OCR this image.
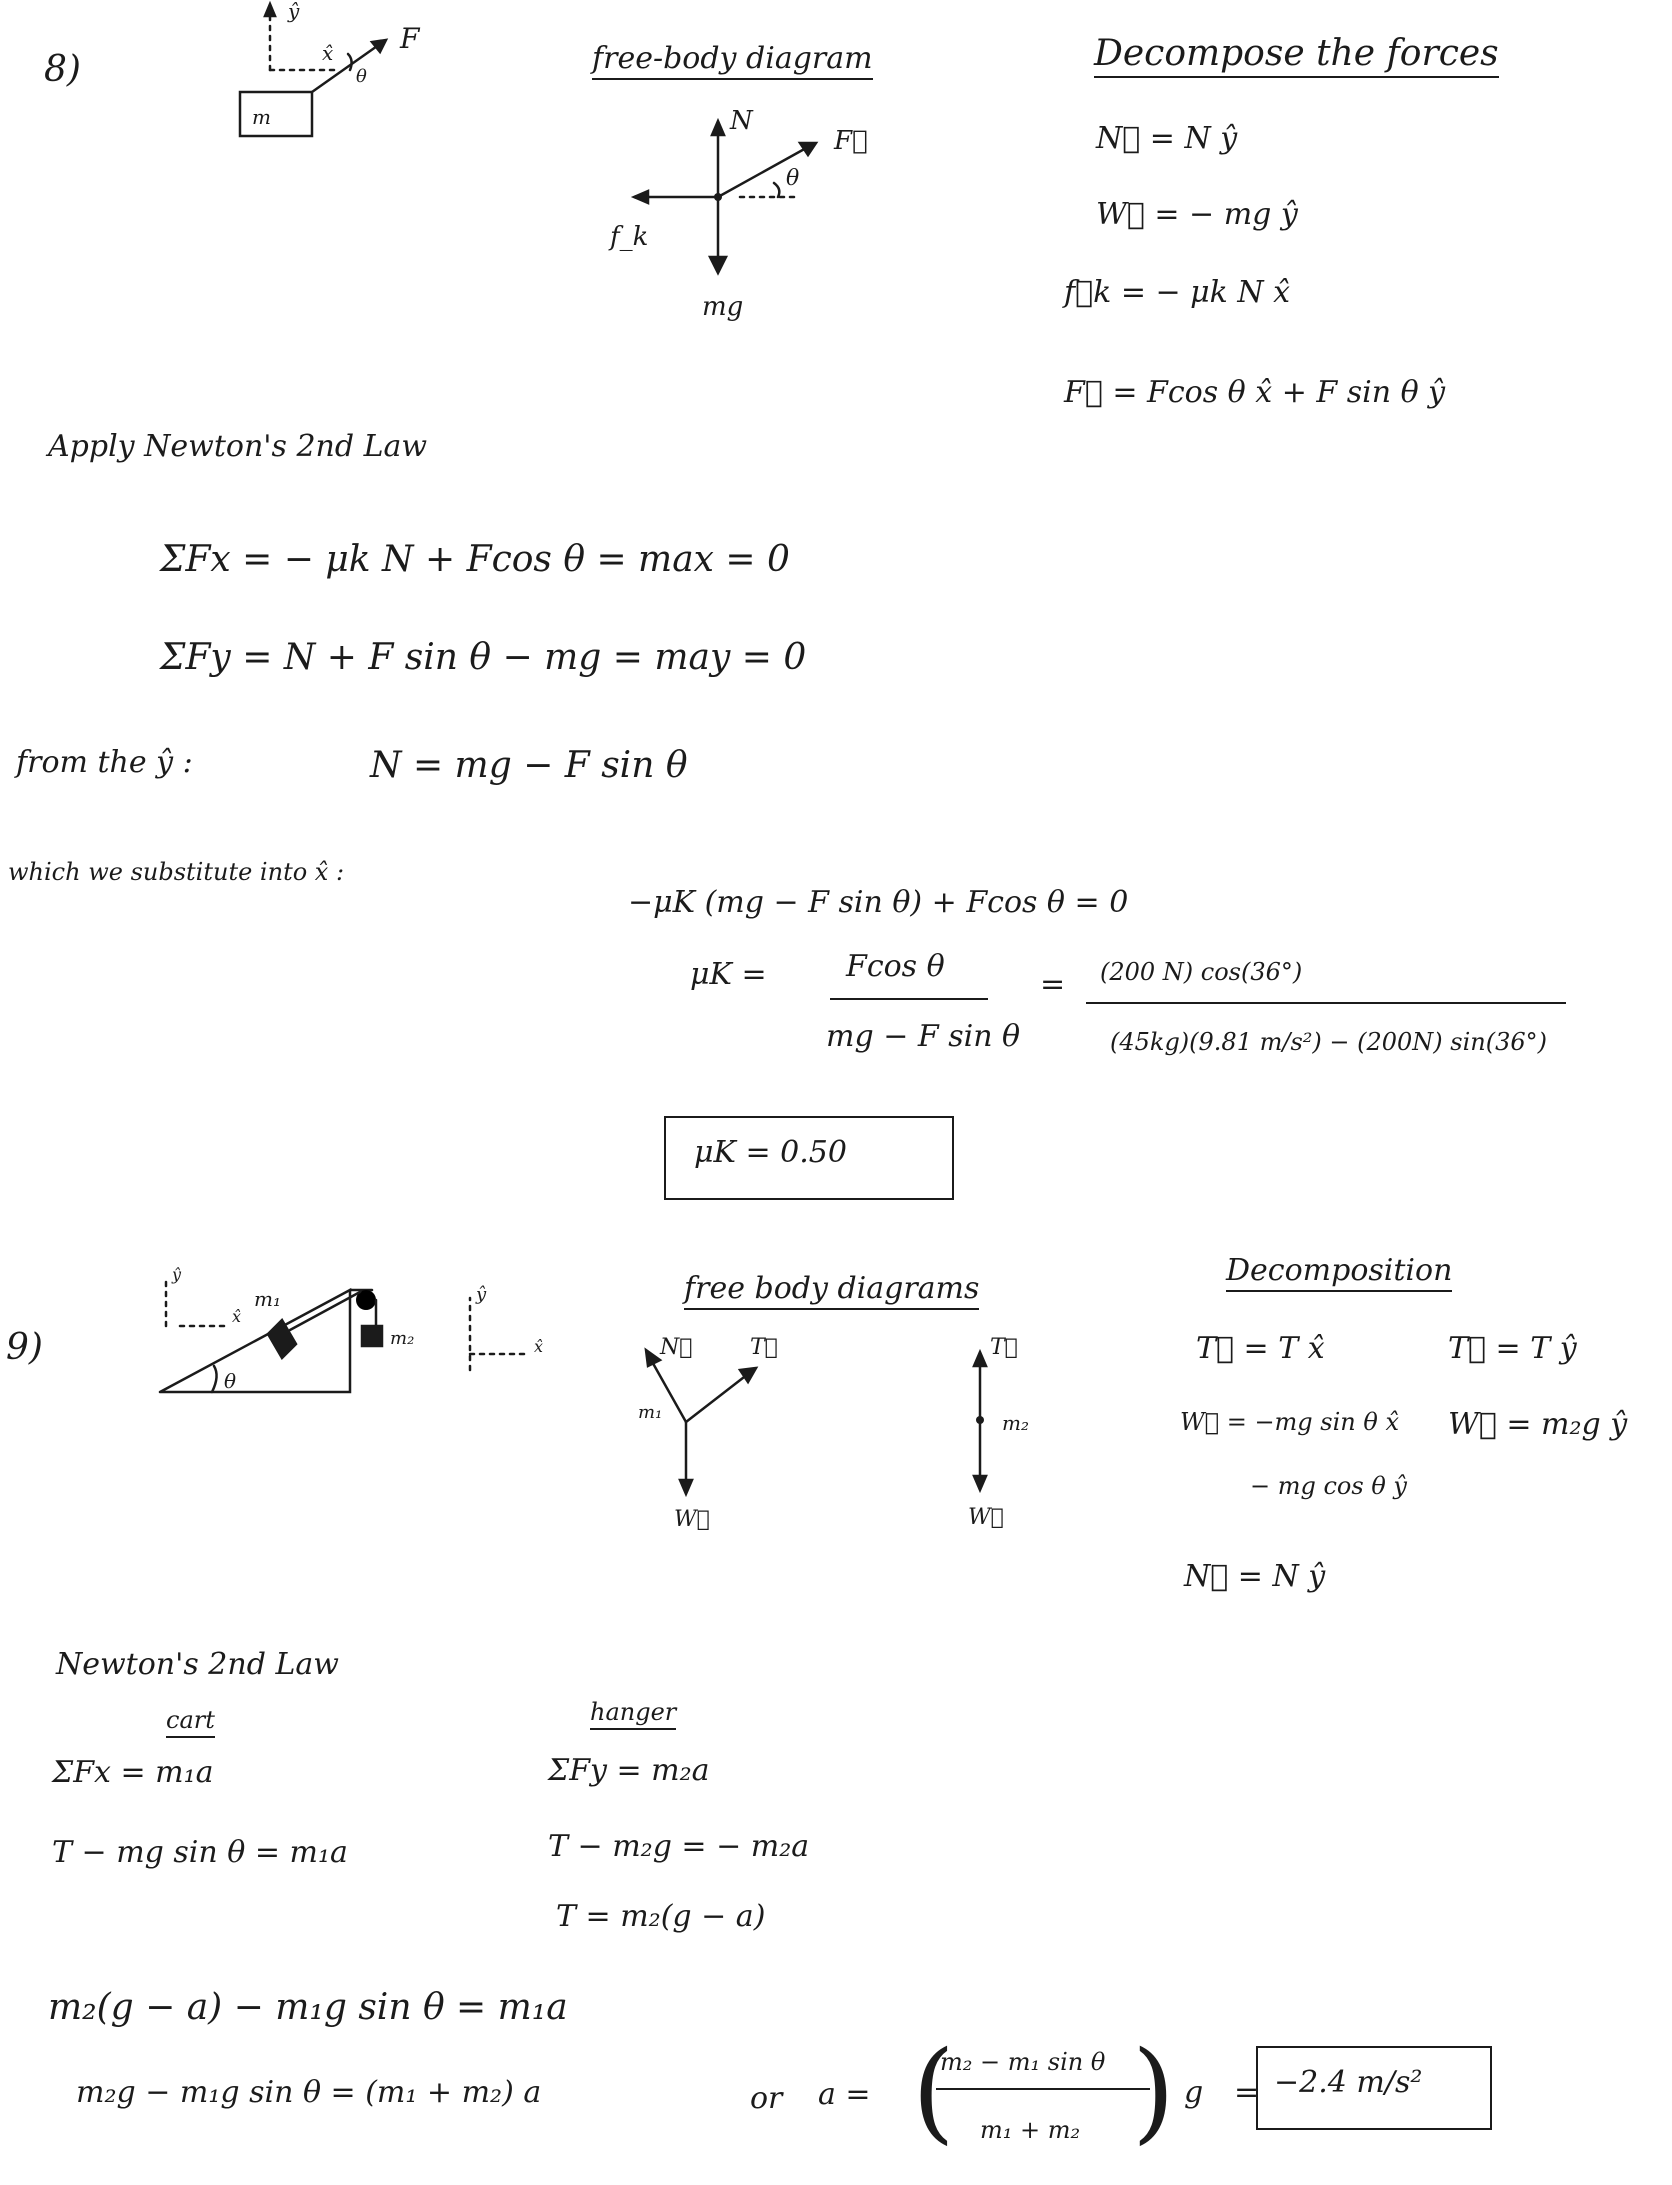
8)
m
ŷ
x̂ F
θ
free-body diagram
N
f_k
mg
F⃗
θ
Decompose the forces
N⃗ = N ŷ
W⃗ = − mg ŷ
f⃗k = − μk N x̂
F⃗ = Fcos θ x̂ + F sin θ ŷ
Apply Newton's 2nd Law
ΣFx = − μk N + Fcos θ = max = 0
ΣFy = N + F sin θ − mg = may = 0
from the ŷ :	N = mg − F sin θ
which we substitute into x̂ :
−μK (mg − F sin θ) + Fcos θ = 0
μK =	Fcos θ
mg − F sin θ
= (200 N) cos(36°)
(45kg)(9.81 m/s²) − (200N) sin(36°)
μK = 0.50
9)
m₁
m₂
θ
x̂
ŷ
ŷ
x̂
free body diagrams
N⃗	T⃗
W⃗
m₁
T⃗
W⃗
m₂
Decomposition
T⃗ = T x̂
W⃗ = −mg sin θ x̂
− mg cos θ ŷ
N⃗ = N ŷ
T⃗ = T ŷ
W⃗ = m₂g ŷ
Newton's 2nd Law
cart
ΣFx = m₁a
T − mg sin θ = m₁a
hanger
ΣFy = m₂a
T − m₂g = − m₂a
T = m₂(g − a)
m₂(g − a) − m₁g sin θ = m₁a
m₂g − m₁g sin θ = (m₁ + m₂) a	or a = (
m₂ − m₁ sin θ
m₁ + m₂ ) g = −2.4 m/s²
